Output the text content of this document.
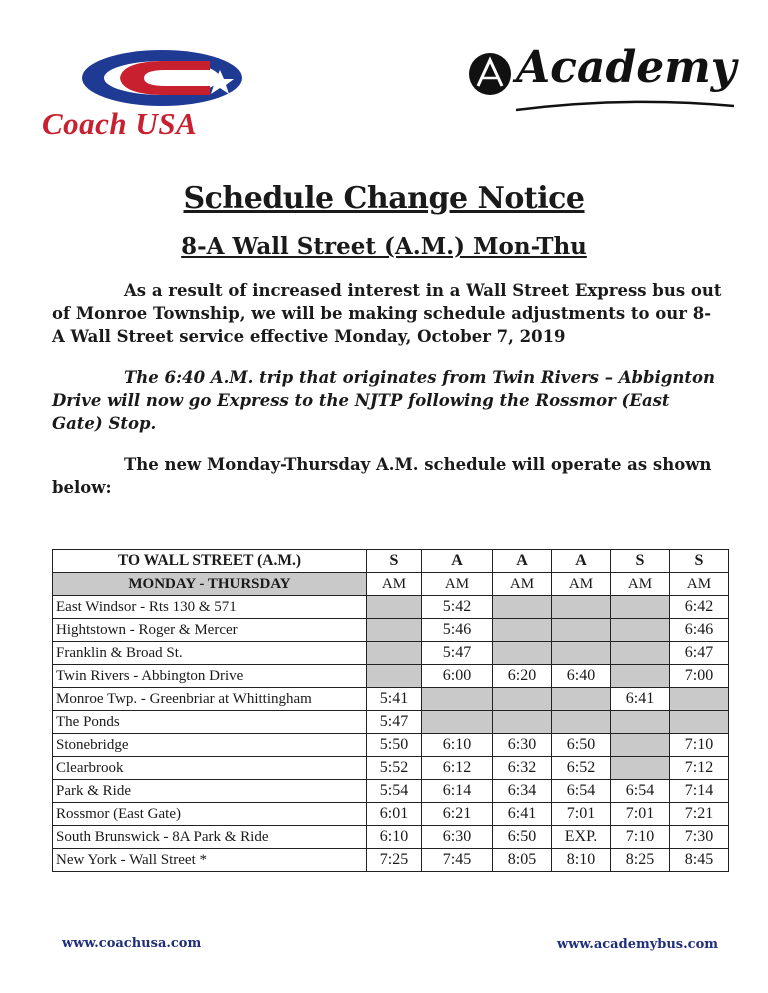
Coach USA
Academy
Schedule Change Notice
8-A Wall Street (A.M.) Mon-Thu

As a result of increased interest in a Wall Street Express bus out of Monroe Township, we will be making schedule adjustments to our 8-A Wall Street service effective Monday, October 7, 2019

The 6:40 A.M. trip that originates from Twin Rivers – Abbignton Drive will now go Express to the NJTP following the Rossmor (East Gate) Stop.

The new Monday-Thursday A.M. schedule will operate as shown below:

TO WALL STREET (A.M.)	S	A	A	A	S	S
MONDAY - THURSDAY	AM	AM	AM	AM	AM	AM
East Windsor - Rts 130 & 571		5:42				6:42
Hightstown - Roger & Mercer		5:46				6:46
Franklin & Broad St.		5:47				6:47
Twin Rivers - Abbington Drive		6:00	6:20	6:40		7:00
Monroe Twp. - Greenbriar at Whittingham	5:41				6:41	
The Ponds	5:47					
Stonebridge	5:50	6:10	6:30	6:50		7:10
Clearbrook	5:52	6:12	6:32	6:52		7:12
Park & Ride	5:54	6:14	6:34	6:54	6:54	7:14
Rossmor (East Gate)	6:01	6:21	6:41	7:01	7:01	7:21
South Brunswick - 8A Park & Ride	6:10	6:30	6:50	EXP.	7:10	7:30
New York - Wall Street *	7:25	7:45	8:05	8:10	8:25	8:45
www.coachusa.com	www.academybus.com
